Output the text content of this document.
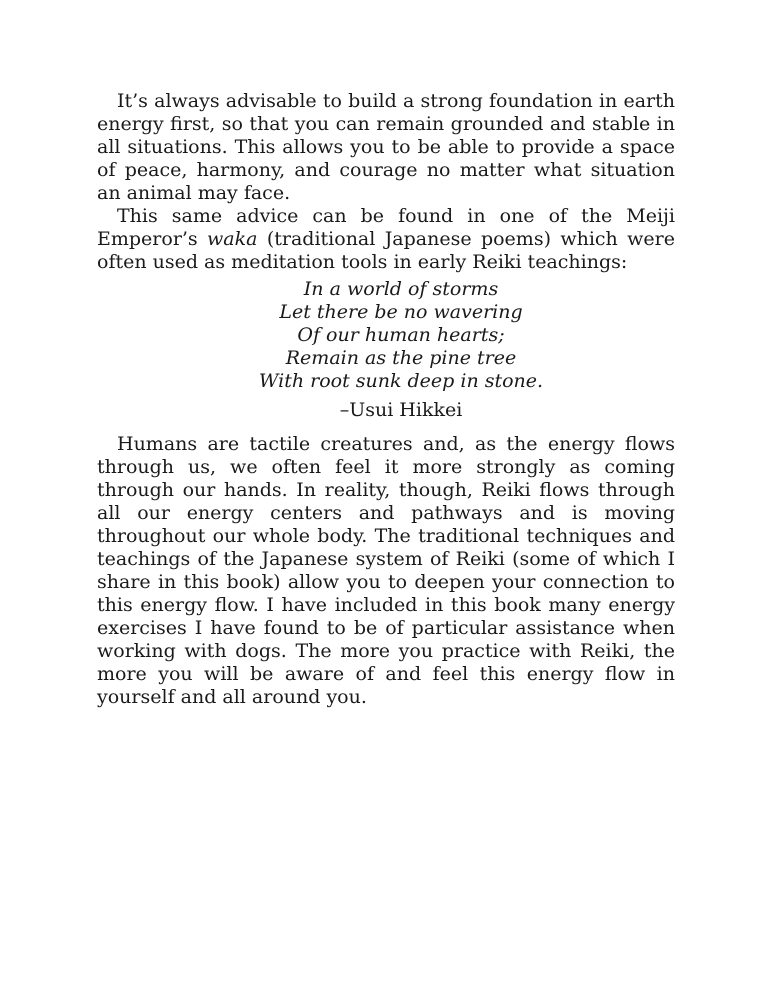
It’s always advisable to build a strong foundation in earth energy first, so that you can remain grounded and stable in all situations. This allows you to be able to provide a space of peace, harmony, and courage no matter what situation an animal may face.

This same advice can be found in one of the Meiji Emperor’s waka (traditional Japanese poems) which were often used as meditation tools in early Reiki teachings:

In a world of storms
Let there be no wavering
Of our human hearts;
Remain as the pine tree
With root sunk deep in stone.

–Usui Hikkei

Humans are tactile creatures and, as the energy flows through us, we often feel it more strongly as coming through our hands. In reality, though, Reiki flows through all our energy centers and pathways and is moving throughout our whole body. The traditional techniques and teachings of the Japanese system of Reiki (some of which I share in this book) allow you to deepen your connection to this energy flow. I have included in this book many energy exercises I have found to be of particular assistance when working with dogs. The more you practice with Reiki, the more you will be aware of and feel this energy flow in yourself and all around you.
